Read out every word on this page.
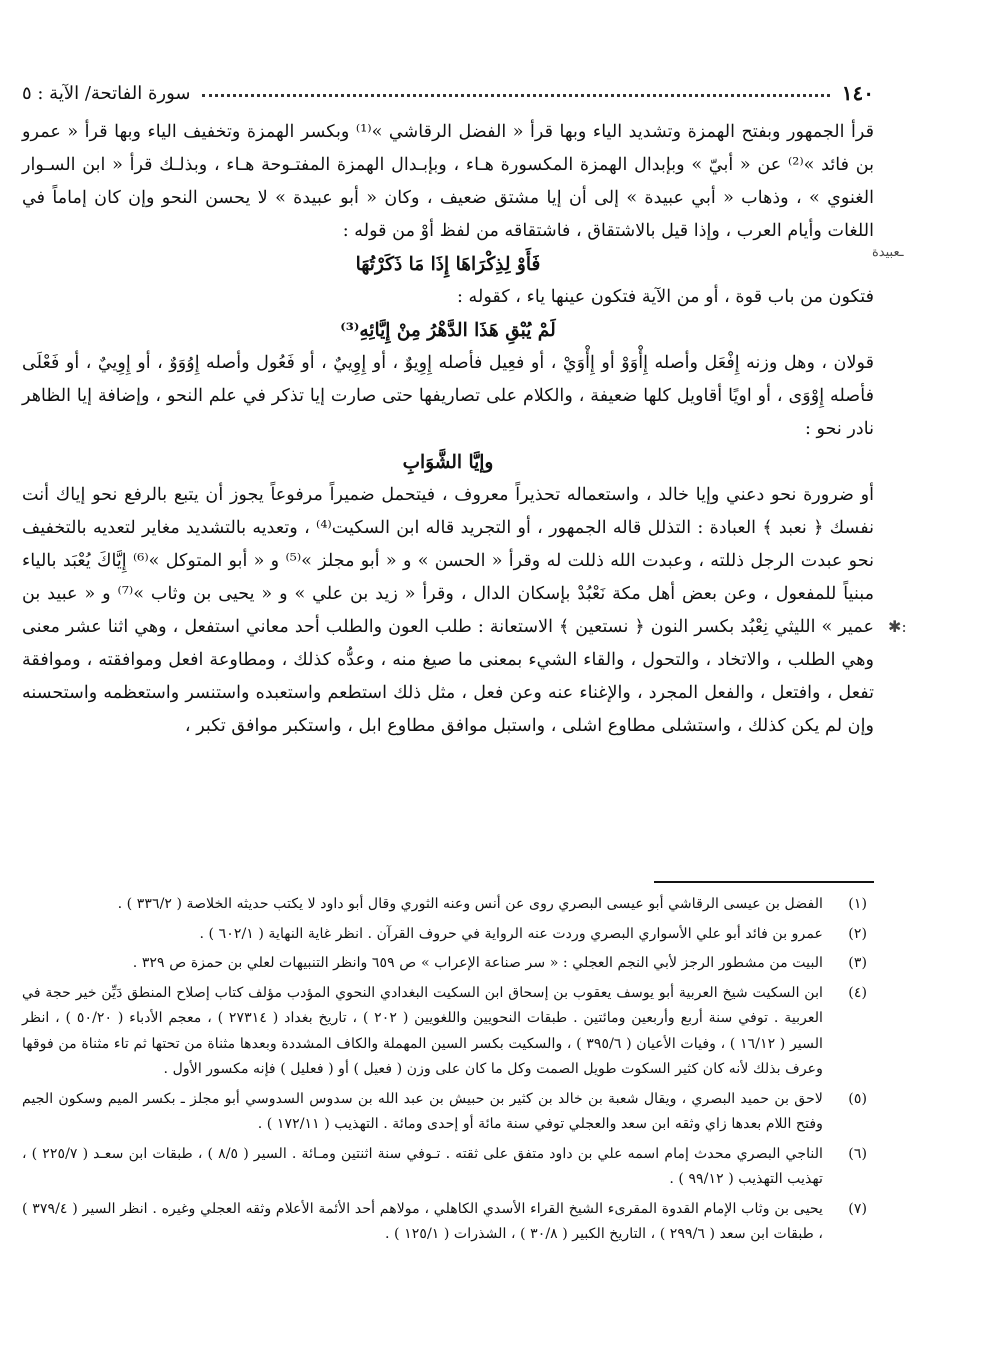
١٤٠
سورة الفاتحة/ الآية : ٥
ـعبيدة
✱:

قرأ الجمهور وبفتح الهمزة وتشديد الياء وبها قرأ « الفضل الرقاشي »⁽¹⁾ وبكسر الهمزة وتخفيف الياء وبها قرأ « عمرو بن فائد »⁽²⁾ عن « أبيّ » وبإبدال الهمزة المكسورة هـاء ، وبإبـدال الهمزة المفتـوحة هـاء ، وبذلـك قرأ « ابن السـوار الغنوي » ، وذهاب « أبي عبيدة » إلى أن إيا مشتق ضعيف ، وكان « أبو عبيدة » لا يحسن النحو وإن كان إماماً في اللغات وأيام العرب ، وإذا قيل بالاشتقاق ، فاشتقاقه من لفظ أوْ من قوله :

فَأَوْ لِذِكْرَاهَا إِذَا مَا ذَكَرْتُهَا

فتكون من باب قوة ، أو من الآية فتكون عينها ياء ، كقوله :

لَمْ يُبْقِ هَذَا الدَّهْرُ مِنْ إِيَّائِهِ⁽³⁾

قولان ، وهل وزنه إِفْعَل وأصله إِأْوَوْ أو إِأْوَيْ ، أو فعِيل فأصله إِوِيوٌ ، أو إِوِييٌ ، أو فَعُول وأصله إِوُوَوٌ ، أو إِوِييٌ ، أو فَعْلَى فأصله إِوْوَى ، أو اويًا أقاويل كلها ضعيفة ، والكلام على تصاريفها حتى صارت إيا تذكر في علم النحو ، وإضافة إيا الظاهر نادر نحو :

وإيَّا الشَّوَابِ

أو ضرورة نحو دعني وإيا خالد ، واستعماله تحذيراً معروف ، فيتحمل ضميراً مرفوعاً يجوز أن يتبع بالرفع نحو إياك أنت نفسك ﴿ نعبد ﴾ العبادة : التذلل قاله الجمهور ، أو التجريد قاله ابن السكيت⁽⁴⁾ ، وتعديه بالتشديد مغاير لتعديه بالتخفيف نحو عبدت الرجل ذللته ، وعبدت الله ذللت له وقرأ « الحسن » و « أبو مجلز »⁽⁵⁾ و « أبو المتوكل »⁽⁶⁾ إِيَّاكَ يُعْبَد بالياء مبنياً للمفعول ، وعن بعض أهل مكة نَعْبُدْ بإسكان الدال ، وقرأ « زيد بن علي » و « يحيى بن وثاب »⁽⁷⁾ و « عبيد بن عمير » الليثي نِعْبُد بكسر النون ﴿ نستعين ﴾ الاستعانة : طلب العون والطلب أحد معاني استفعل ، وهي اثنا عشر معنى وهي الطلب ، والاتخاد ، والتحول ، والقاء الشيء بمعنى ما صيغ منه ، وعدُّه كذلك ، ومطاوعة افعل وموافقته ، وموافقة تفعل ، وافتعل ، والفعل المجرد ، والإغناء عنه وعن فعل ، مثل ذلك استطعم واستعبده واستنسر واستعظمه واستحسنه وإن لم يكن كذلك ، واستشلى مطاوع اشلى ، واستبل موافق مطاوع ابل ، واستكبر موافق تكبر ،

(١)
الفضل بن عيسى الرقاشي أبو عيسى البصري روى عن أنس وعنه الثوري وقال أبو داود لا يكتب حديثه الخلاصة ( ٣٣٦/٢ ) .
(٢)
عمرو بن فائد أبو علي الأسواري البصري وردت عنه الرواية في حروف القرآن . انظر غاية النهاية ( ٦٠٢/١ ) .
(٣)
البيت من مشطور الرجز لأبي النجم العجلي : « سر صناعة الإعراب » ص ٦٥٩ وانظر التنبيهات لعلي بن حمزة ص ٣٢٩ .
(٤)
ابن السكيت شيخ العربية أبو يوسف يعقوب بن إسحاق ابن السكيت البغدادي النحوي المؤدب مؤلف كتاب إصلاح المنطق دَيِّن خير حجة في العربية . توفي سنة أربع وأربعين ومائتين . طبقات النحويين واللغويين ( ٢٠٢ ) ، تاريخ بغداد ( ٢٧٣١٤ ) ، معجم الأدباء ( ٥٠/٢٠ ) ، انظر السير ( ١٦/١٢ ) ، وفيات الأعيان ( ٣٩٥/٦ ) ، والسكيت بكسر السين المهملة والكاف المشددة وبعدها مثناة من تحتها ثم تاء مثناة من فوقها وعرف بذلك لأنه كان كثير السكوت طويل الصمت وكل ما كان على وزن ( فعيل ) أو ( فعليل ) فإنه مكسور الأول .
(٥)
لاحق بن حميد البصري ، ويقال شعبة بن خالد بن كثير بن حبيش بن عبد الله بن سدوس السدوسي أبو مجلز ـ بكسر الميم وسكون الجيم وفتح اللام بعدها زاي وثقه ابن سعد والعجلي توفي سنة مائة أو إحدى ومائة . التهذيب ( ١٧٢/١١ ) .
(٦)
الناجي البصري محدث إمام اسمه علي بن داود متفق على ثقته . تـوفي سنة اثنتين ومـائة . السير ( ٨/٥ ) ، طبقات ابن سعـد ( ٢٢٥/٧ ) ، تهذيب التهذيب ( ٩٩/١٢ ) .
(٧)
يحيى بن وثاب الإمام القدوة المقرىء الشيخ القراء الأسدي الكاهلي ، مولاهم أحد الأئمة الأعلام وثقه العجلي وغيره . انظر السير ( ٣٧٩/٤ ) ، طبقات ابن سعد ( ٢٩٩/٦ ) ، التاريخ الكبير ( ٣٠/٨ ) ، الشذرات ( ١٢٥/١ ) .
